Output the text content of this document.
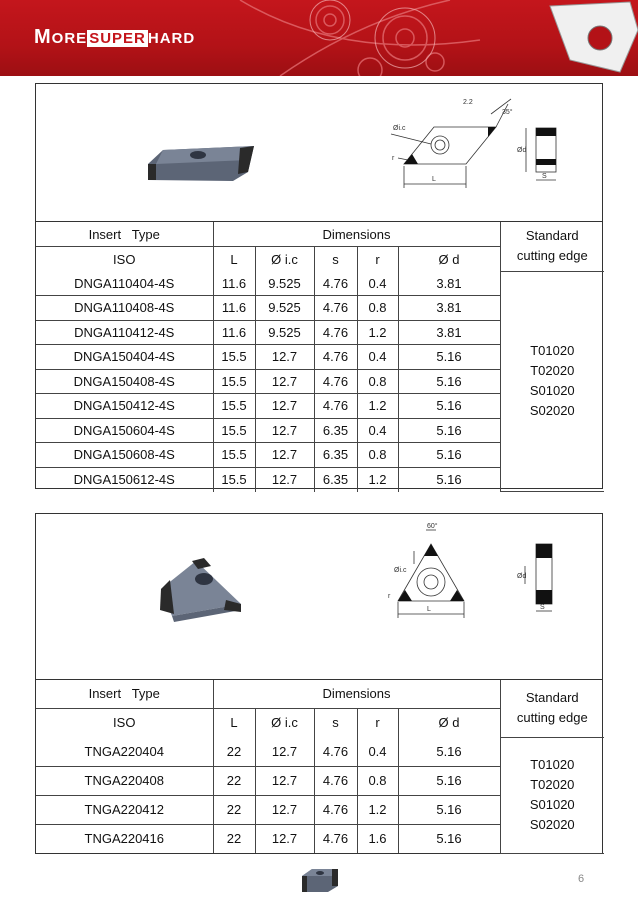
MORE SUPER HARD
35°
2.2
Øi.c
r
L
Ød
S
Insert   Type	Dimensions					Standard
cutting edge

ISO	L	Ø i.c	s	r	Ø d	
DNGA110404-4S	11.6	9.525	4.76	0.4	3.81	T01020
T02020
S01020
S02020

DNGA110408-4S	11.6	9.525	4.76	0.8	3.81	
DNGA110412-4S	11.6	9.525	4.76	1.2	3.81	
DNGA150404-4S	15.5	12.7	4.76	0.4	5.16	
DNGA150408-4S	15.5	12.7	4.76	0.8	5.16	
DNGA150412-4S	15.5	12.7	4.76	1.2	5.16	
DNGA150604-4S	15.5	12.7	6.35	0.4	5.16	
DNGA150608-4S	15.5	12.7	6.35	0.8	5.16	
DNGA150612-4S	15.5	12.7	6.35	1.2	5.16	
60°
Øi.c
r
L
Ød
S
Insert   Type	Dimensions					Standard
cutting edge

ISO	L	Ø i.c	s	r	Ø d	
TNGA220404	22	12.7	4.76	0.4	5.16	T01020
T02020
S01020
S02020

TNGA220408	22	12.7	4.76	0.8	5.16	
TNGA220412	22	12.7	4.76	1.2	5.16	
TNGA220416	22	12.7	4.76	1.6	5.16	
6
